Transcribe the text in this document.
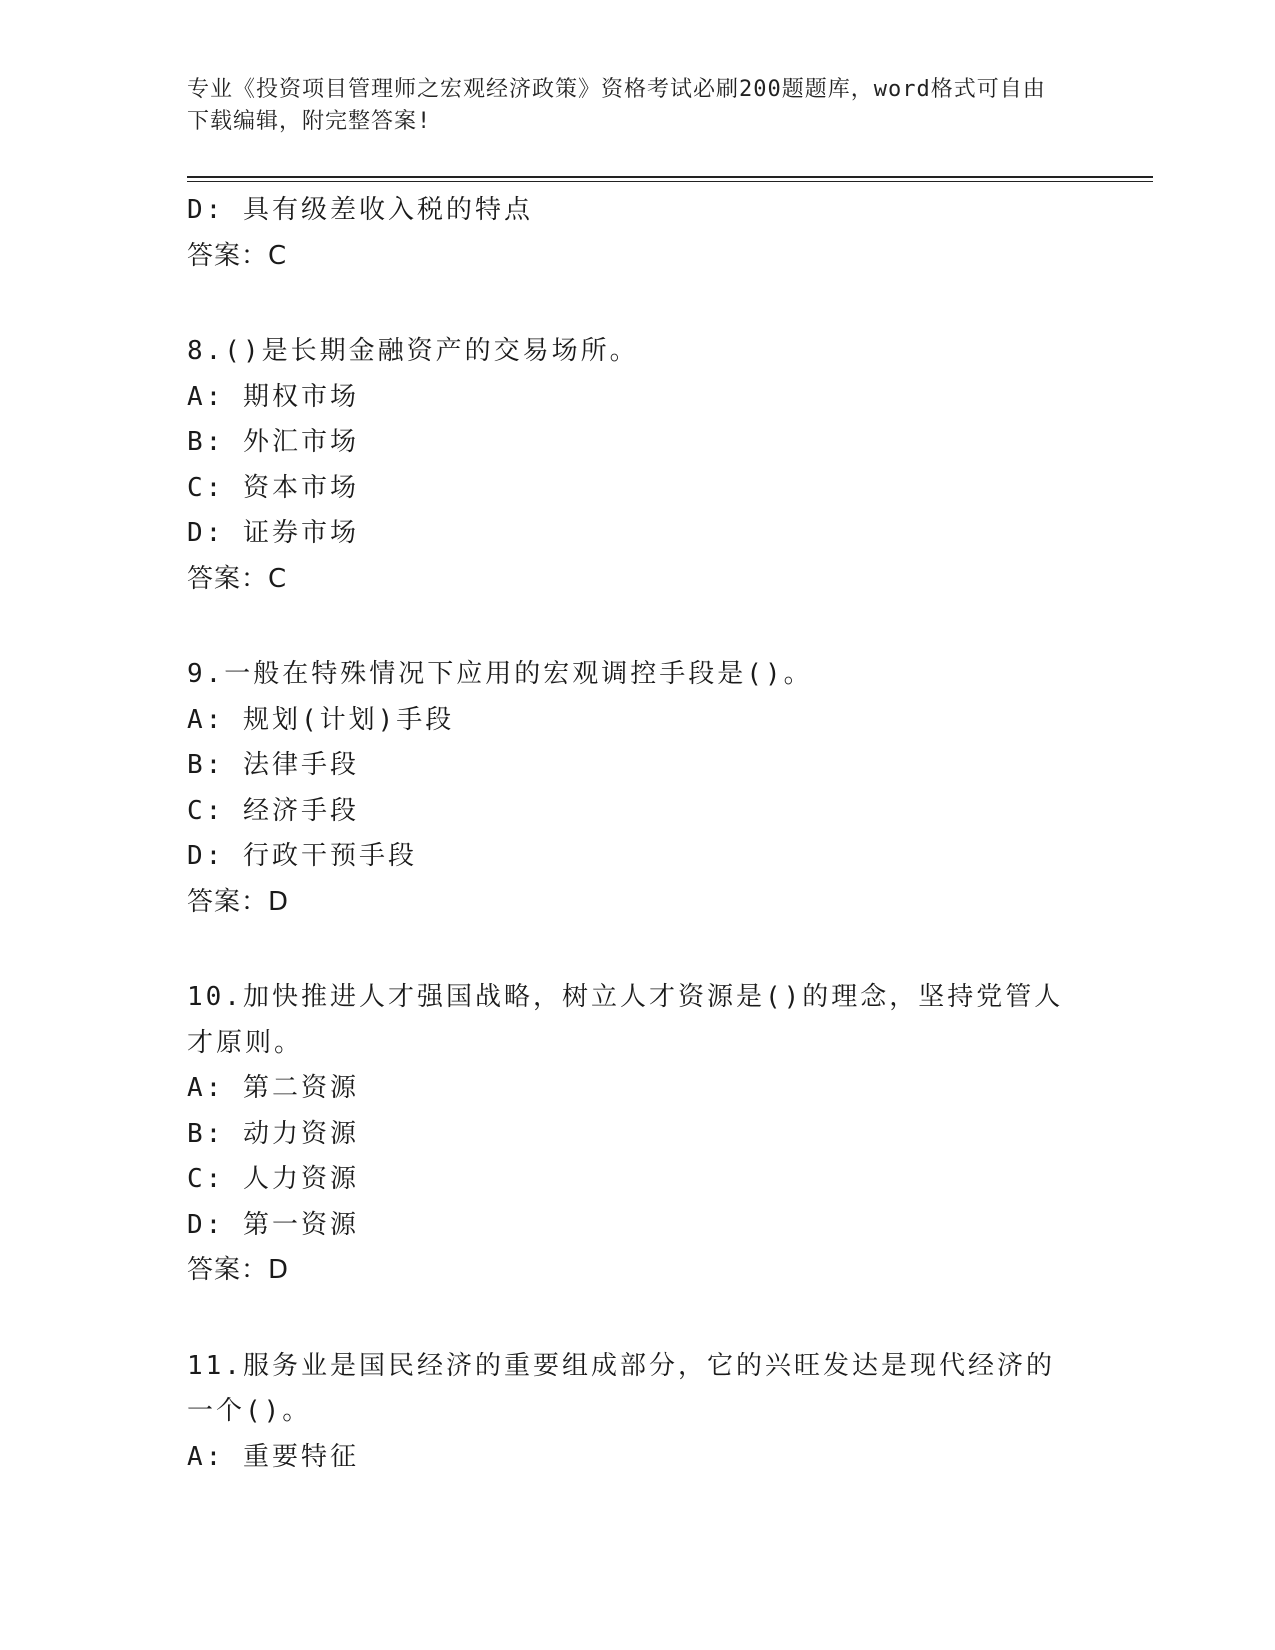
专业《投资项目管理师之宏观经济政策》资格考试必刷200题题库，word格式可自由下载编辑，附完整答案!
D: 具有级差收入税的特点
答案：C
8.()是长期金融资产的交易场所。
A: 期权市场
B: 外汇市场
C: 资本市场
D: 证券市场
答案：C
9.一般在特殊情况下应用的宏观调控手段是()。
A: 规划(计划)手段
B: 法律手段
C: 经济手段
D: 行政干预手段
答案：D
10.加快推进人才强国战略，树立人才资源是()的理念，坚持党管人才原则。
A: 第二资源
B: 动力资源
C: 人力资源
D: 第一资源
答案：D
11.服务业是国民经济的重要组成部分，它的兴旺发达是现代经济的一个()。
A: 重要特征
